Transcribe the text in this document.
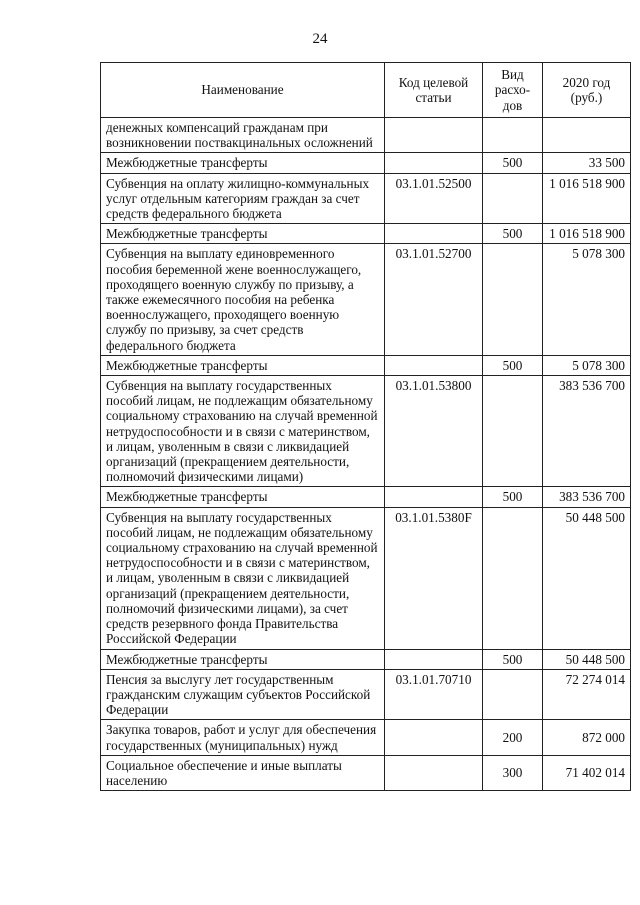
24
Наименование	Код целевой статьи	Вид расхо-дов	2020 год (руб.)
денежных компенсаций гражданам при возникновении поствакцинальных осложнений			
Межбюджетные трансферты		500	33 500
Субвенция на оплату жилищно-коммунальных услуг отдельным категориям граждан за счет средств федерального бюджета	03.1.01.52500		1 016 518 900
Межбюджетные трансферты		500	1 016 518 900
Субвенция на выплату единовременного пособия беременной жене военнослужащего, проходящего военную службу по призыву, а также ежемесячного пособия на ребенка военнослужащего, проходящего военную службу по призыву, за счет средств федерального бюджета	03.1.01.52700		5 078 300
Межбюджетные трансферты		500	5 078 300
Субвенция на выплату государственных пособий лицам, не подлежащим обязательному социальному страхованию на случай временной нетрудоспособности и в связи с материнством, и лицам, уволенным в связи с ликвидацией организаций (прекращением деятельности, полномочий физическими лицами)	03.1.01.53800		383 536 700
Межбюджетные трансферты		500	383 536 700
Субвенция на выплату государственных пособий лицам, не подлежащим обязательному социальному страхованию на случай временной нетрудоспособности и в связи с материнством, и лицам, уволенным в связи с ликвидацией организаций (прекращением деятельности, полномочий физическими лицами), за счет средств резервного фонда Правительства Российской Федерации	03.1.01.5380F		50 448 500
Межбюджетные трансферты		500	50 448 500
Пенсия за выслугу лет государственным гражданским служащим субъектов Российской Федерации	03.1.01.70710		72 274 014
Закупка товаров, работ и услуг для обеспечения государственных (муниципальных) нужд		200	872 000
Социальное обеспечение и иные выплаты населению		300	71 402 014
